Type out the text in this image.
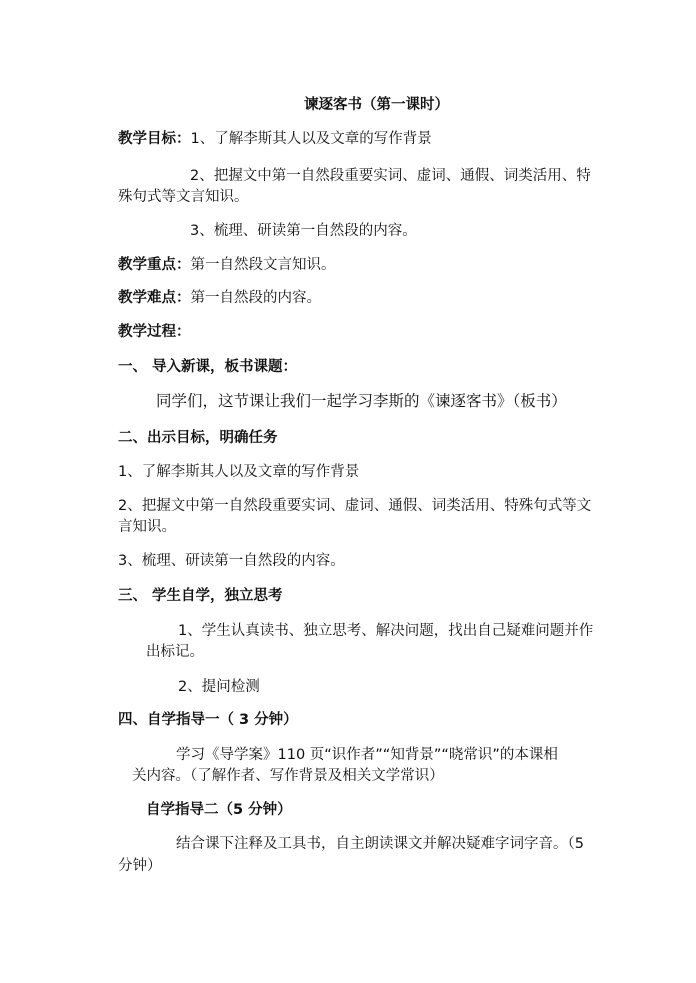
谏逐客书（第一课时）
教学目标：1、了解李斯其人以及文章的写作背景
2、把握文中第一自然段重要实词、虚词、通假、词类活用、特
殊句式等文言知识。
3、梳理、研读第一自然段的内容。
教学重点：第一自然段文言知识。
教学难点：第一自然段的内容。
教学过程：
一、 导入新课，板书课题：
同学们，这节课让我们一起学习李斯的《谏逐客书》（板书）
二、出示目标，明确任务
1、了解李斯其人以及文章的写作背景
2、把握文中第一自然段重要实词、虚词、通假、词类活用、特殊句式等文
言知识。
3、梳理、研读第一自然段的内容。
三、 学生自学，独立思考
1、学生认真读书、独立思考、解决问题，找出自己疑难问题并作
出标记。
2、提问检测
四、自学指导一（ 3 分钟）
学习《导学案》110 页“识作者”“知背景”“晓常识”的本课相
关内容。（了解作者、写作背景及相关文学常识）
自学指导二（5 分钟）
结合课下注释及工具书，自主朗读课文并解决疑难字词字音。（5
分钟）
